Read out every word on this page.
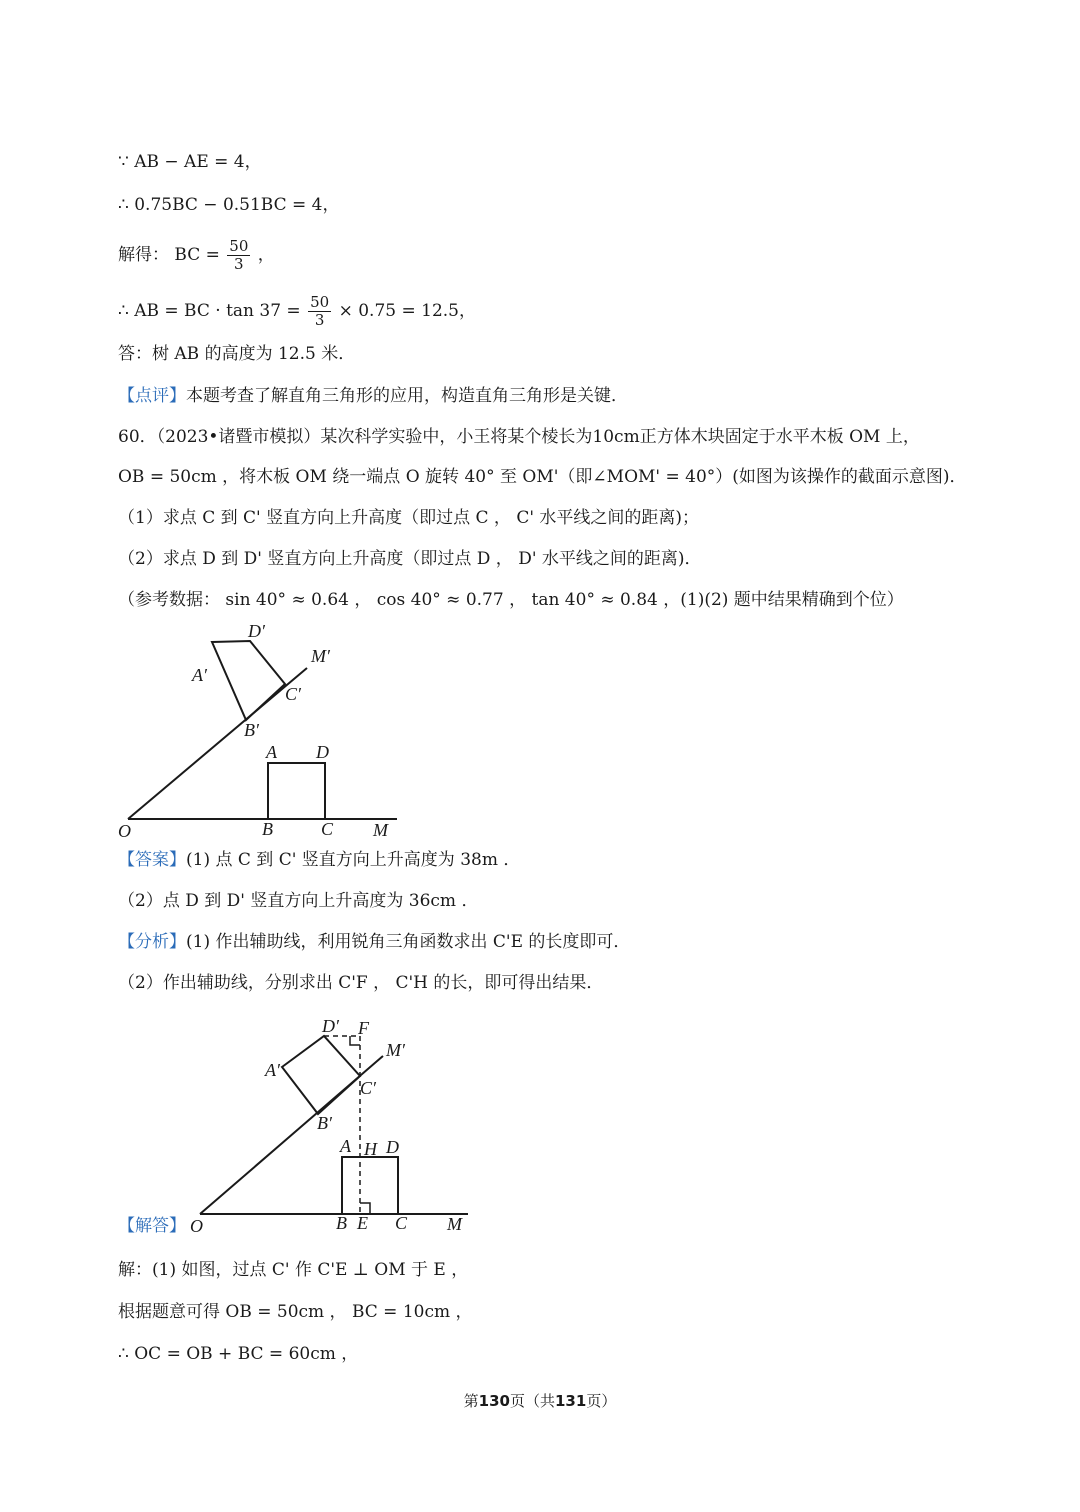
∵ AB − AE = 4，
∴ 0.75BC − 0.51BC = 4，
解得： BC = $\frac{50}{3}$ ，
∴ AB = BC · $\tan 37 = \frac{50}{3} \times 0.75 = 12.5$，
答：树 AB 的高度为 12.5 米．
【点评】本题考查了解直角三角形的应用，构造直角三角形是关键．
60．（2023•诸暨市模拟）某次科学实验中，小王将某个棱长为10cm正方体木块固定于水平木板 OM 上，
OB = 50cm ，将木板 OM 绕一端点 O 旋转 40° 至 OM'（即∠MOM' = 40°）(如图为该操作的截面示意图)．
（1）求点 C 到 C' 竖直方向上升高度（即过点 C ， C' 水平线之间的距离)；
（2）求点 D 到 D' 竖直方向上升高度（即过点 D ， D' 水平线之间的距离)．
（参考数据： sin 40° ≈ 0.64 ， cos 40° ≈ 0.77 ， tan 40° ≈ 0.84 ，(1)(2) 题中结果精确到个位）
O	B	C M
A D
A′
B′
C′
D′
M′
【答案】(1) 点 C 到 C' 竖直方向上升高度为 38m ．
（2）点 D 到 D' 竖直方向上升高度为 36cm ．
【分析】(1) 作出辅助线，利用锐角三角函数求出 C'E 的长度即可．
（2）作出辅助线，分别求出 C'F ， C'H 的长，即可得出结果．
O	B E C M
A H D
A′
B′
C′
D′ F
M′
【解答】
解：(1) 如图，过点 C' 作 C'E ⊥ OM 于 E ，
根据题意可得 OB = 50cm ， BC = 10cm ，
∴ OC = OB + BC = 60cm ，
第130页（共131页）
